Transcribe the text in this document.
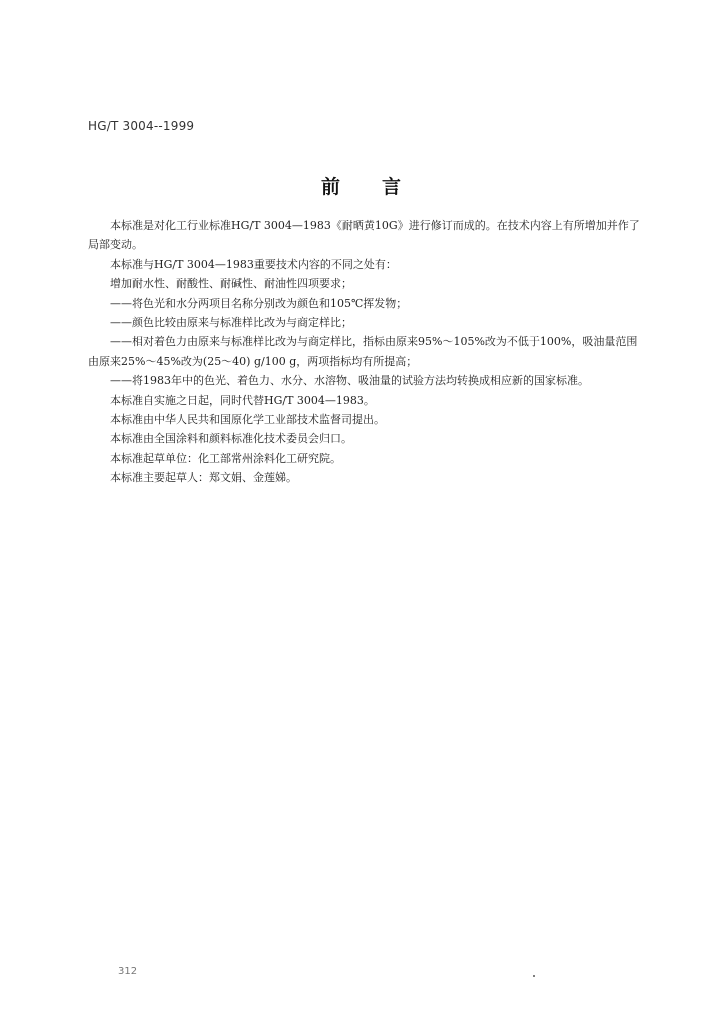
HG/T 3004--1999
前言

本标准是对化工行业标准HG/T 3004—1983《耐晒黄10G》进行修订而成的。在技术内容上有所增加并作了局部变动。

本标准与HG/T 3004—1983重要技术内容的不同之处有：

增加耐水性、耐酸性、耐碱性、耐油性四项要求；

——将色光和水分两项目名称分别改为颜色和105℃挥发物；

——颜色比较由原来与标准样比改为与商定样比；

——相对着色力由原来与标准样比改为与商定样比，指标由原来95%～105%改为不低于100%，吸油量范围由原来25%～45%改为(25～40) g/100 g，两项指标均有所提高；

——将1983年中的色光、着色力、水分、水溶物、吸油量的试验方法均转换成相应新的国家标准。

本标准自实施之日起，同时代替HG/T 3004—1983。

本标准由中华人民共和国原化学工业部技术监督司提出。

本标准由全国涂料和颜料标准化技术委员会归口。

本标准起草单位：化工部常州涂料化工研究院。

本标准主要起草人：郑文娟、金莲娣。

312
